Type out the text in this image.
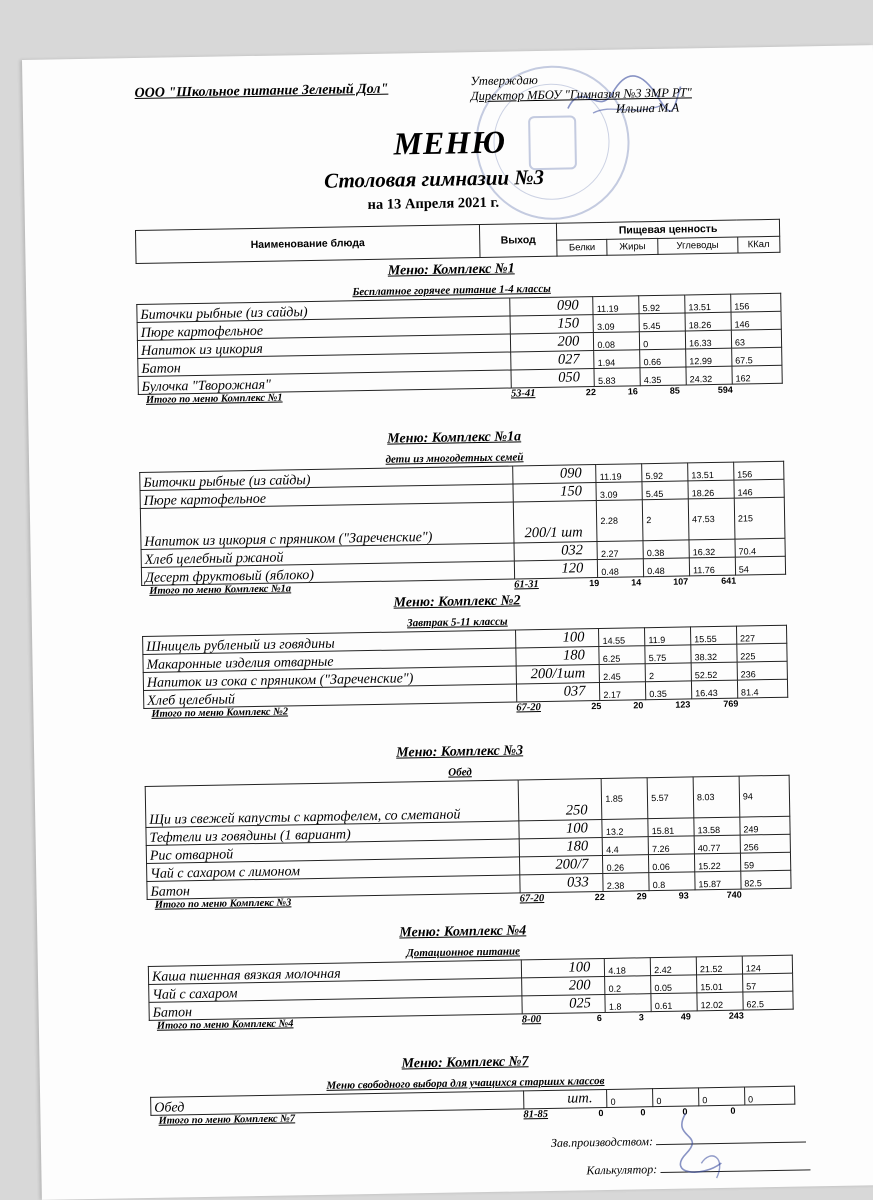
ООО "Школьное питание Зеленый Дол"
Утверждаю
Директор МБОУ "Гимназия №3 ЗМР РТ"
Ильина М.А
МЕНЮ
Столовая гимназии №3
на 13 Апреля 2021 г.
Наименование блюда	Выход	Пищевая ценность			
		Белки	Жиры	Углеводы	ККал
Меню: Комплекс №1
Бесплатное горячее питание 1-4 классы
Биточки рыбные (из сайды)	090	11.19	5.92	13.51	156
Пюре картофельное	150	3.09	5.45	18.26	146
Напиток из цикория	200	0.08	0	16.33	63
Батон	027	1.94	0.66	12.99	67.5
Булочка "Творожная"	050	5.83	4.35	24.32	162
Итого по меню Комплекс №1	53-41	22	16	85	594
Меню: Комплекс №1а
дети из многодетных семей
Биточки рыбные (из сайды)	090	11.19	5.92	13.51	156
Пюре картофельное	150	3.09	5.45	18.26	146
Напиток из цикория с пряником ("Зареченские")	200/1 шт	2.28	2	47.53	215
Хлеб целебный ржаной	032	2.27	0.38	16.32	70.4
Десерт фруктовый (яблоко)	120	0.48	0.48	11.76	54
Итого по меню Комплекс №1а	61-31	19	14	107	641
Меню: Комплекс №2
Завтрак 5-11 классы
Шницель рубленый из говядины	100	14.55	11.9	15.55	227
Макаронные изделия отварные	180	6.25	5.75	38.32	225
Напиток из сока с пряником ("Зареченские")	200/1шт	2.45	2	52.52	236
Хлеб целебный	037	2.17	0.35	16.43	81.4
Итого по меню Комплекс №2	67-20	25	20	123	769
Меню: Комплекс №3
Обед
Щи из свежей капусты с картофелем, со сметаной	250	1.85	5.57	8.03	94
Тефтели из говядины (1 вариант)	100	13.2	15.81	13.58	249
Рис отварной	180	4.4	7.26	40.77	256
Чай с сахаром с лимоном	200/7	0.26	0.06	15.22	59
Батон	033	2.38	0.8	15.87	82.5
Итого по меню Комплекс №3	67-20	22	29	93	740
Меню: Комплекс №4
Дотационное питание
Каша пшенная вязкая молочная	100	4.18	2.42	21.52	124
Чай с сахаром	200	0.2	0.05	15.01	57
Батон	025	1.8	0.61	12.02	62.5
Итого по меню Комплекс №4	8-00	6	3	49	243
Меню: Комплекс №7
Меню свободного выбора для учащихся старших классов
Обед	шт.	0	0	0	0
Итого по меню Комплекс №7	81-85	0	0	0	0
Зав.производством:
Калькулятор:
